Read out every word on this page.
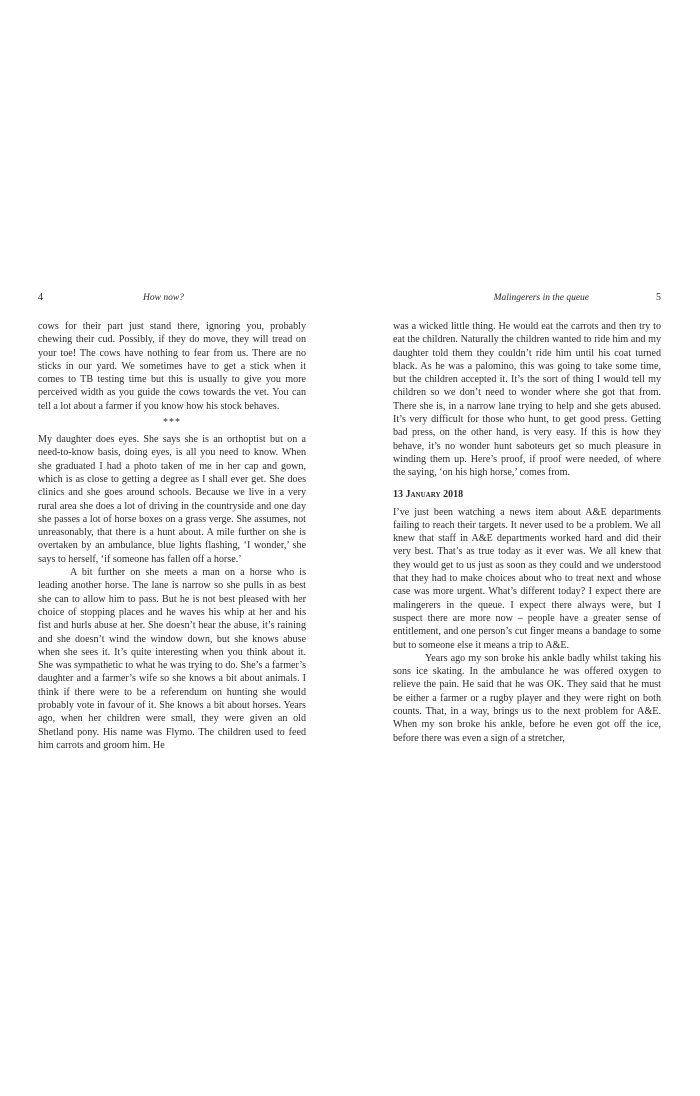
4	How now?

cows for their part just stand there, ignoring you, probably chewing their cud. Possibly, if they do move, they will tread on your toe! The cows have nothing to fear from us. There are no sticks in our yard. We sometimes have to get a stick when it comes to TB testing time but this is usually to give you more perceived width as you guide the cows towards the vet. You can tell a lot about a farmer if you know how his stock behaves.

***

My daughter does eyes. She says she is an orthoptist but on a need-to-know basis, doing eyes, is all you need to know. When she graduated I had a photo taken of me in her cap and gown, which is as close to getting a degree as I shall ever get. She does clinics and she goes around schools. Because we live in a very rural area she does a lot of driving in the countryside and one day she passes a lot of horse boxes on a grass verge. She assumes, not unreasonably, that there is a hunt about. A mile further on she is overtaken by an ambulance, blue lights flashing, ‘I wonder,’ she says to herself, ‘if someone has fallen off a horse.’

A bit further on she meets a man on a horse who is leading another horse. The lane is narrow so she pulls in as best she can to allow him to pass. But he is not best pleased with her choice of stopping places and he waves his whip at her and his fist and hurls abuse at her. She doesn’t hear the abuse, it’s raining and she doesn’t wind the window down, but she knows abuse when she sees it. It’s quite interesting when you think about it. She was sympathetic to what he was trying to do. She’s a farmer’s daughter and a farmer’s wife so she knows a bit about animals. I think if there were to be a referendum on hunting she would probably vote in favour of it. She knows a bit about horses. Years ago, when her children were small, they were given an old Shetland pony. His name was Flymo. The children used to feed him carrots and groom him. He

Malingerers in the queue	5

was a wicked little thing. He would eat the carrots and then try to eat the children. Naturally the children wanted to ride him and my daughter told them they couldn’t ride him until his coat turned black. As he was a palomino, this was going to take some time, but the children accepted it. It’s the sort of thing I would tell my children so we don’t need to wonder where she got that from. There she is, in a narrow lane trying to help and she gets abused. It’s very difficult for those who hunt, to get good press. Getting bad press, on the other hand, is very easy. If this is how they behave, it’s no wonder hunt saboteurs get so much pleasure in winding them up. Here’s proof, if proof were needed, of where the saying, ‘on his high horse,’ comes from.

13 January 2018

I’ve just been watching a news item about A&E departments failing to reach their targets. It never used to be a problem. We all knew that staff in A&E departments worked hard and did their very best. That’s as true today as it ever was. We all knew that they would get to us just as soon as they could and we understood that they had to make choices about who to treat next and whose case was more urgent. What’s different today? I expect there are malingerers in the queue. I expect there always were, but I suspect there are more now – people have a greater sense of entitlement, and one person’s cut finger means a bandage to some but to someone else it means a trip to A&E.

Years ago my son broke his ankle badly whilst taking his sons ice skating. In the ambulance he was offered oxygen to relieve the pain. He said that he was OK. They said that he must be either a farmer or a rugby player and they were right on both counts. That, in a way, brings us to the next problem for A&E. When my son broke his ankle, before he even got off the ice, before there was even a sign of a stretcher,
